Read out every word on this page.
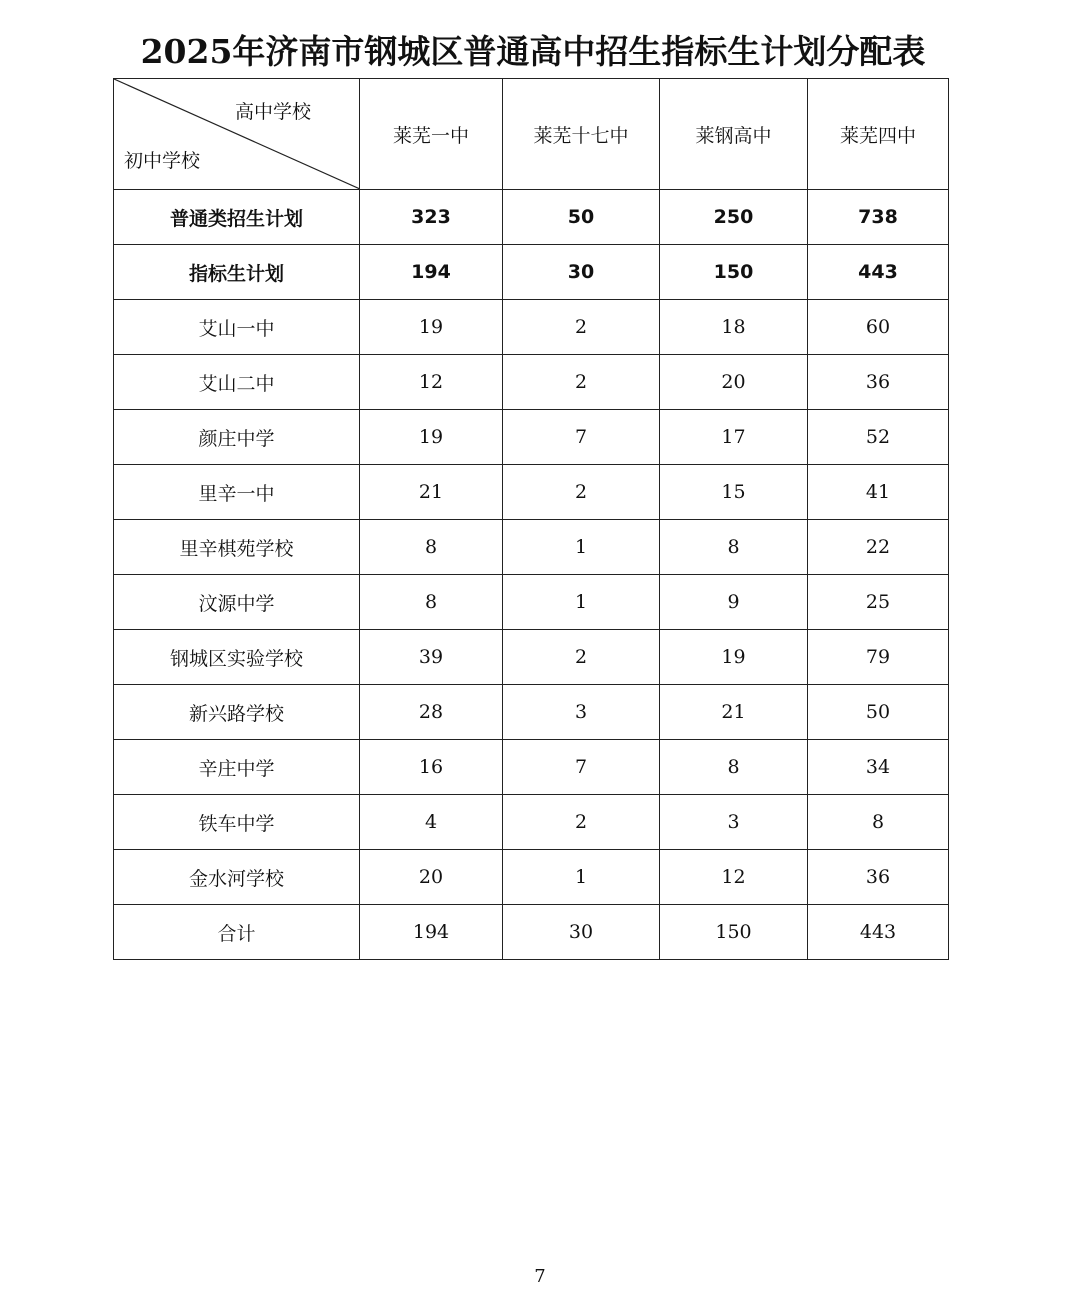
2025年济南市钢城区普通高中招生指标生计划分配表
高中学校
初中学校	莱芜一中	莱芜十七中	莱钢高中	莱芜四中
普通类招生计划	323	50	250	738
指标生计划	194	30	150	443
艾山一中	19	2	18	60
艾山二中	12	2	20	36
颜庄中学	19	7	17	52
里辛一中	21	2	15	41
里辛棋苑学校	8	1	8	22
汶源中学	8	1	9	25
钢城区实验学校	39	2	19	79
新兴路学校	28	3	21	50
辛庄中学	16	7	8	34
铁车中学	4	2	3	8
金水河学校	20	1	12	36
合计	194	30	150	443
7
